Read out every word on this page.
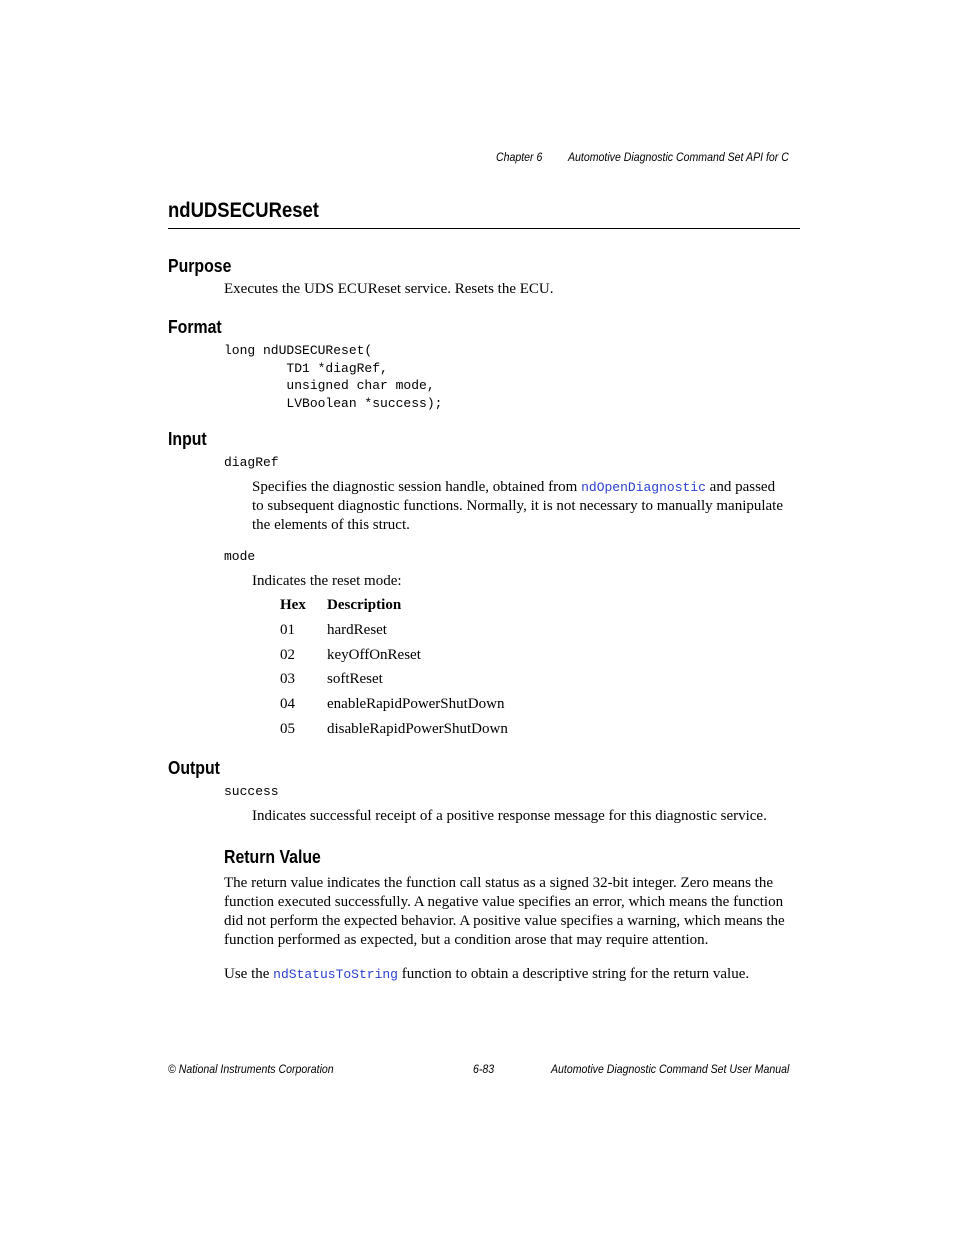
Chapter 6 Automotive Diagnostic Command Set API for C
ndUDSECUReset
Purpose
Executes the UDS ECUReset service. Resets the ECU.
Format
long ndUDSECUReset(
TD1 *diagRef,
unsigned char mode,
LVBoolean *success);
Input
diagRef
Specifies the diagnostic session handle, obtained from ndOpenDiagnostic and passed
to subsequent diagnostic functions. Normally, it is not necessary to manually manipulate
the elements of this struct.
mode
Indicates the reset mode:
Hex Description
01 hardReset
02 keyOffOnReset
03 softReset
04 enableRapidPowerShutDown
05 disableRapidPowerShutDown
Output
success
Indicates successful receipt of a positive response message for this diagnostic service.
Return Value
The return value indicates the function call status as a signed 32-bit integer. Zero means the
function executed successfully. A negative value specifies an error, which means the function
did not perform the expected behavior. A positive value specifies a warning, which means the
function performed as expected, but a condition arose that may require attention.
Use the ndStatusToString function to obtain a descriptive string for the return value.
© National Instruments Corporation	6-83	Automotive Diagnostic Command Set User Manual
